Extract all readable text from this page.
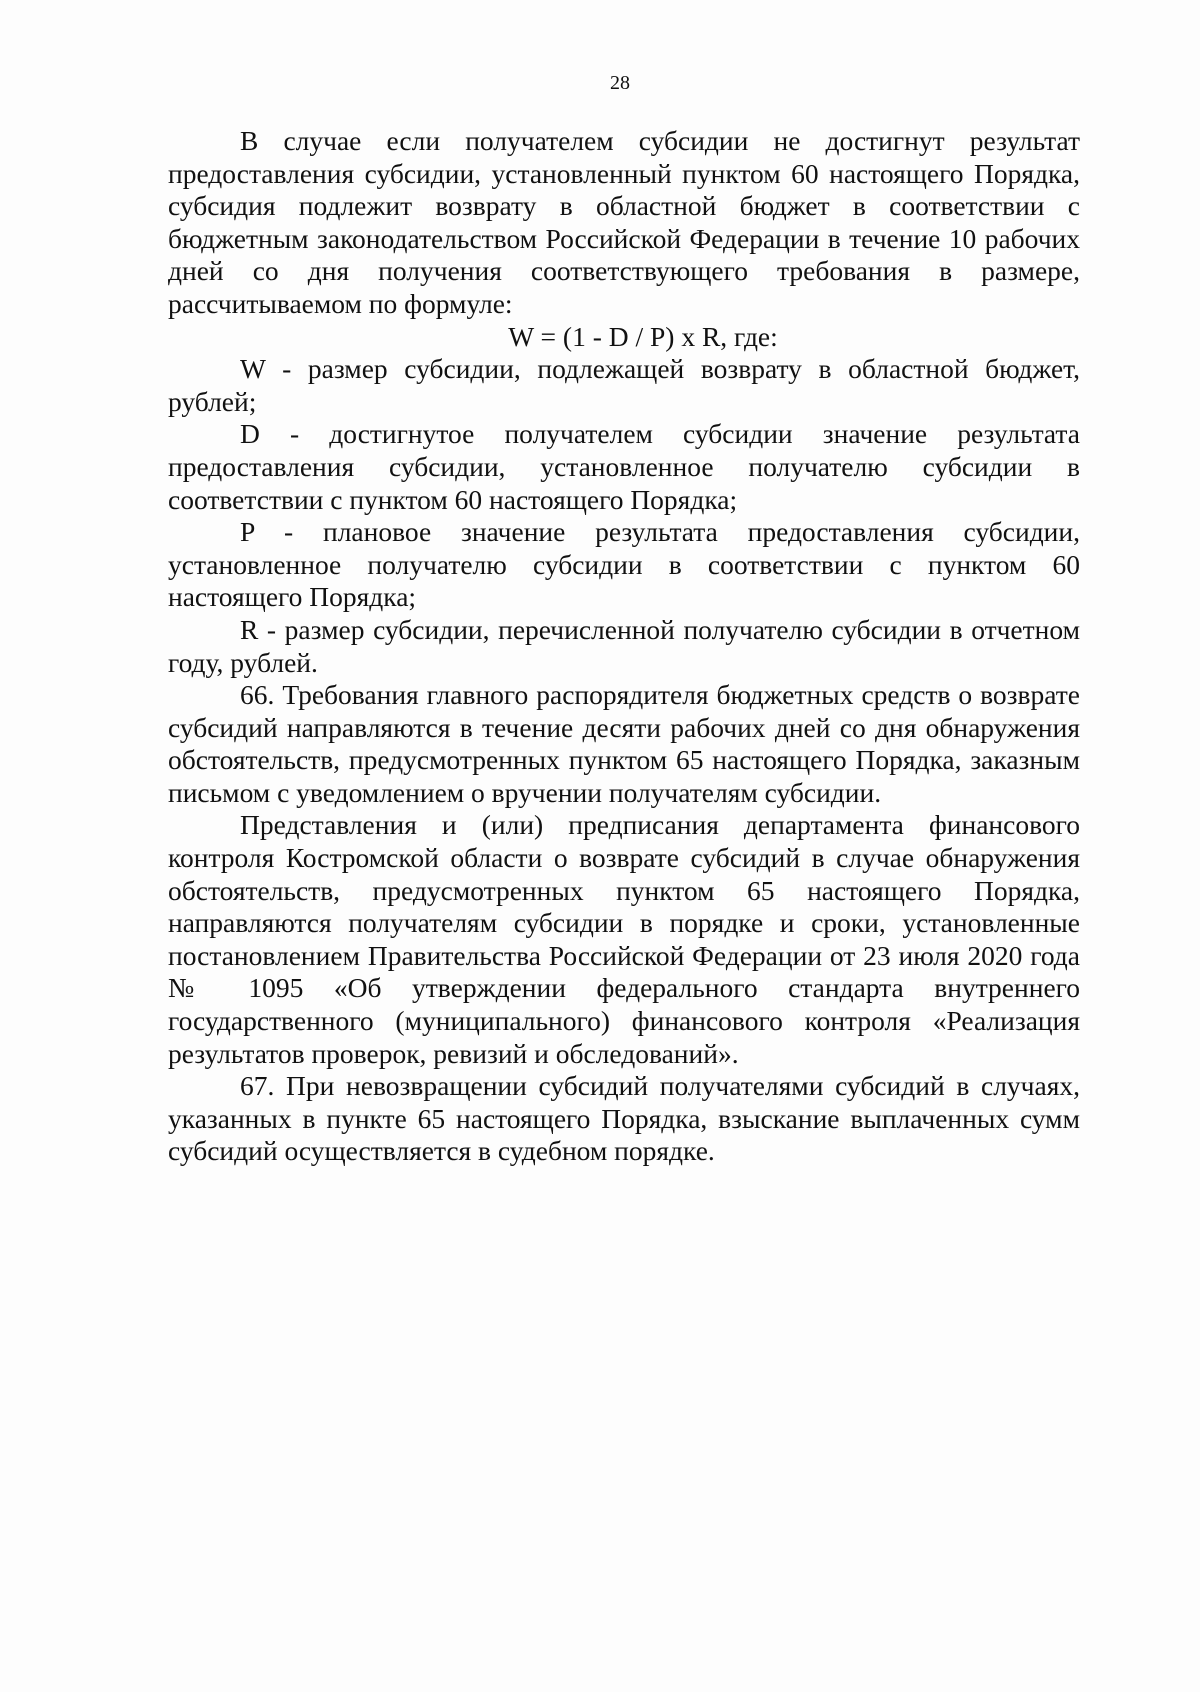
28

В случае если получателем субсидии не достигнут результат предоставления субсидии, установленный пунктом 60 настоящего Порядка, субсидия подлежит возврату в областной бюджет в соответствии с бюджетным законодательством Российской Федерации в течение 10 рабочих дней со дня получения соответствующего требования в размере, рассчитываемом по формуле:

W = (1 - D / P) x R, где:

W - размер субсидии, подлежащей возврату в областной бюджет, рублей;

D - достигнутое получателем субсидии значение результата предоставления субсидии, установленное получателю субсидии в соответствии с пунктом 60 настоящего Порядка;

P - плановое значение результата предоставления субсидии, установленное получателю субсидии в соответствии с пунктом 60 настоящего Порядка;

R - размер субсидии, перечисленной получателю субсидии в отчетном году, рублей.

66. Требования главного распорядителя бюджетных средств о возврате субсидий направляются в течение десяти рабочих дней со дня обнаружения обстоятельств, предусмотренных пунктом 65 настоящего Порядка, заказным письмом с уведомлением о вручении получателям субсидии.

Представления и (или) предписания департамента финансового контроля Костромской области о возврате субсидий в случае обнаружения обстоятельств, предусмотренных пунктом 65 настоящего Порядка, направляются получателям субсидии в порядке и сроки, установленные постановлением Правительства Российской Федерации от 23 июля 2020 года № 1095 «Об утверждении федерального стандарта внутреннего государственного (муниципального) финансового контроля «Реализация результатов проверок, ревизий и обследований».

67. При невозвращении субсидий получателями субсидий в случаях, указанных в пункте 65 настоящего Порядка, взыскание выплаченных сумм субсидий осуществляется в судебном порядке.
